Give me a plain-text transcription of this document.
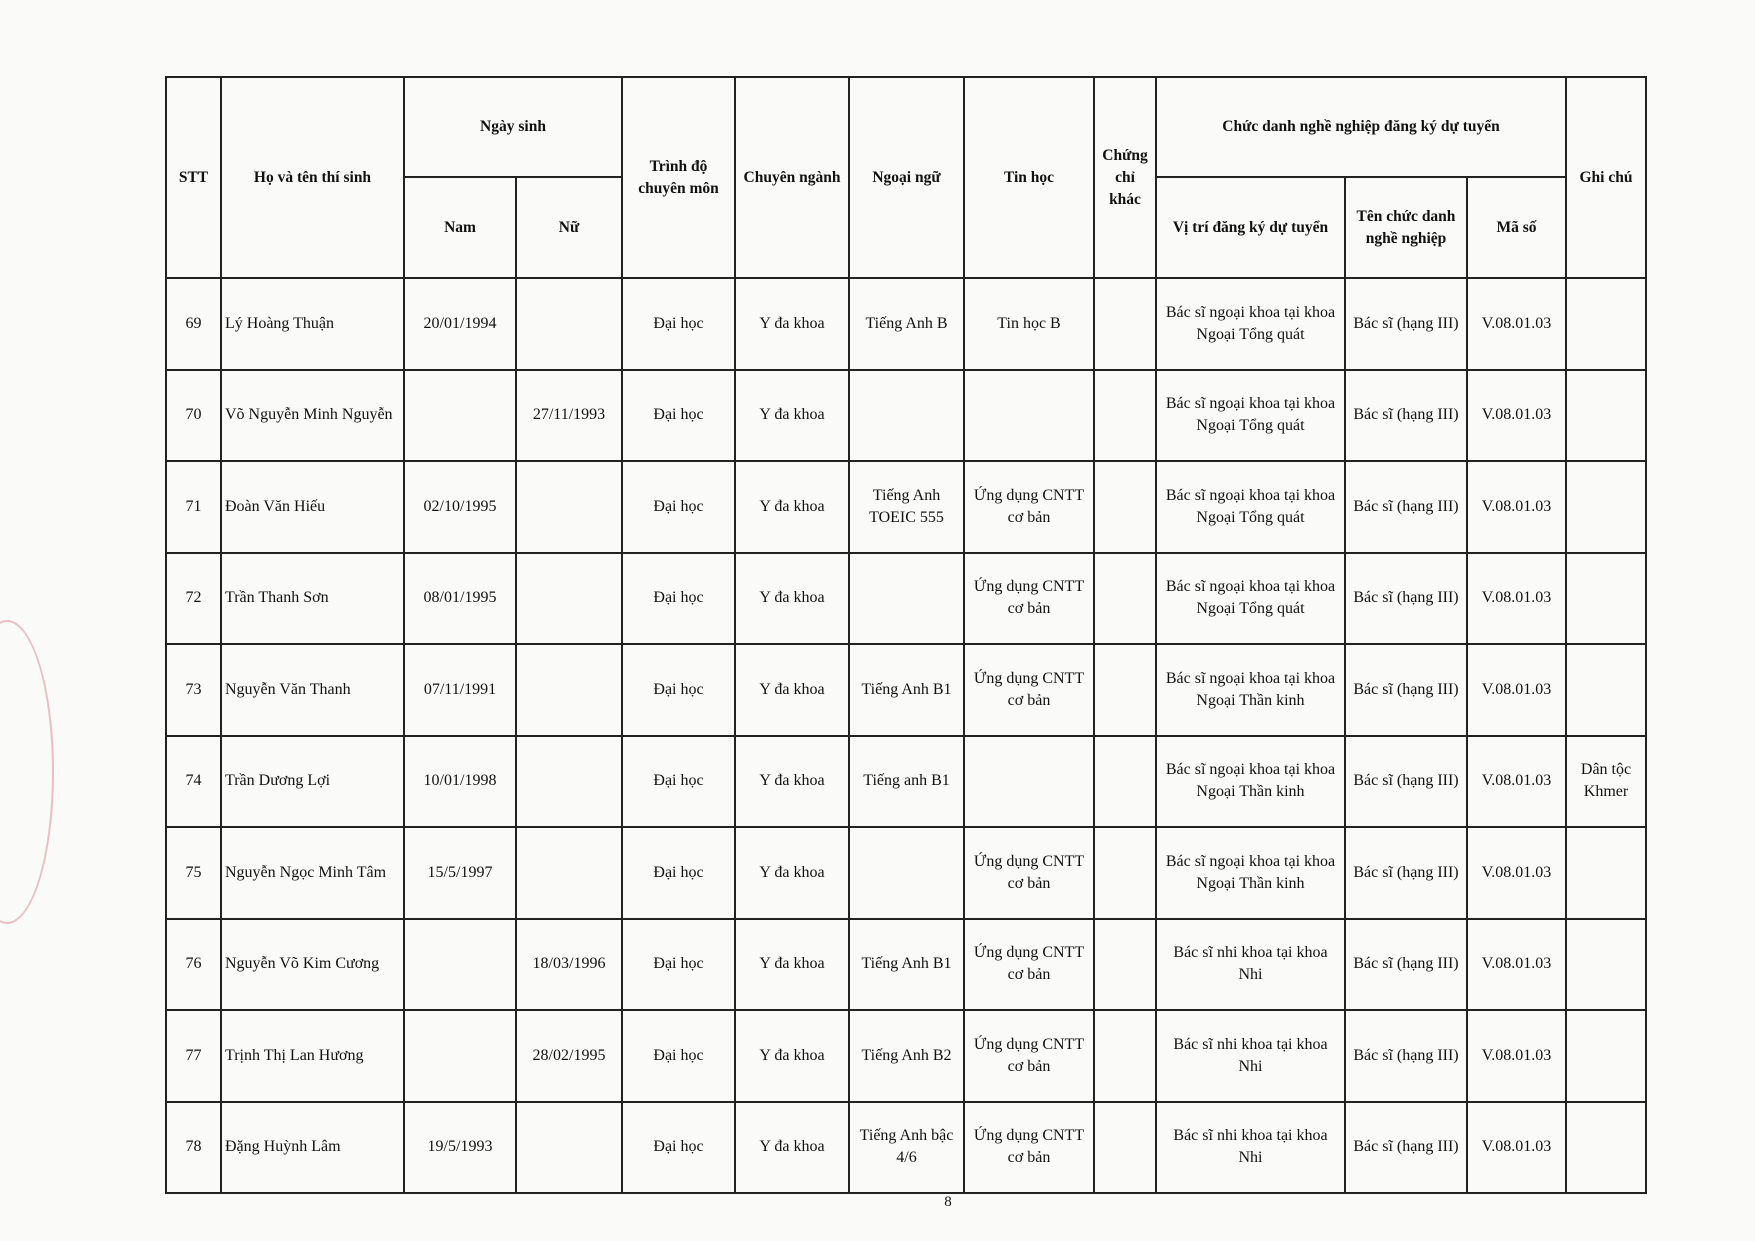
STT	Họ và tên thí sinh	Ngày sinh		Trình độ chuyên môn	Chuyên ngành	Ngoại ngữ	Tin học	Chứng chỉ khác	Chức danh nghề nghiệp đăng ký dự tuyển			Ghi chú
		Nam	Nữ						Vị trí đăng ký dự tuyển	Tên chức danh nghề nghiệp	Mã số	
69	Lý Hoàng Thuận	20/01/1994		Đại học	Y đa khoa	Tiếng Anh B	Tin học B		Bác sĩ ngoại khoa tại khoa Ngoại Tổng quát	Bác sĩ (hạng III)	V.08.01.03	
70	Võ Nguyễn Minh Nguyễn		27/11/1993	Đại học	Y đa khoa				Bác sĩ ngoại khoa tại khoa Ngoại Tổng quát	Bác sĩ (hạng III)	V.08.01.03	
71	Đoàn Văn Hiếu	02/10/1995		Đại học	Y đa khoa	Tiếng Anh TOEIC 555	Ứng dụng CNTT cơ bản		Bác sĩ ngoại khoa tại khoa Ngoại Tổng quát	Bác sĩ (hạng III)	V.08.01.03	
72	Trần Thanh Sơn	08/01/1995		Đại học	Y đa khoa		Ứng dụng CNTT cơ bản		Bác sĩ ngoại khoa tại khoa Ngoại Tổng quát	Bác sĩ (hạng III)	V.08.01.03	
73	Nguyễn Văn Thanh	07/11/1991		Đại học	Y đa khoa	Tiếng Anh B1	Ứng dụng CNTT cơ bản		Bác sĩ ngoại khoa tại khoa Ngoại Thần kinh	Bác sĩ (hạng III)	V.08.01.03	
74	Trần Dương Lợi	10/01/1998		Đại học	Y đa khoa	Tiếng anh B1			Bác sĩ ngoại khoa tại khoa Ngoại Thần kinh	Bác sĩ (hạng III)	V.08.01.03	Dân tộc Khmer
75	Nguyễn Ngọc Minh Tâm	15/5/1997		Đại học	Y đa khoa		Ứng dụng CNTT cơ bản		Bác sĩ ngoại khoa tại khoa Ngoại Thần kinh	Bác sĩ (hạng III)	V.08.01.03	
76	Nguyễn Võ Kim Cương		18/03/1996	Đại học	Y đa khoa	Tiếng Anh B1	Ứng dụng CNTT cơ bản		Bác sĩ nhi khoa tại khoa Nhi	Bác sĩ (hạng III)	V.08.01.03	
77	Trịnh Thị Lan Hương		28/02/1995	Đại học	Y đa khoa	Tiếng Anh B2	Ứng dụng CNTT cơ bản		Bác sĩ nhi khoa tại khoa Nhi	Bác sĩ (hạng III)	V.08.01.03	
78	Đặng Huỳnh Lâm	19/5/1993		Đại học	Y đa khoa	Tiếng Anh bậc 4/6	Ứng dụng CNTT cơ bản		Bác sĩ nhi khoa tại khoa Nhi	Bác sĩ (hạng III)	V.08.01.03	
8
